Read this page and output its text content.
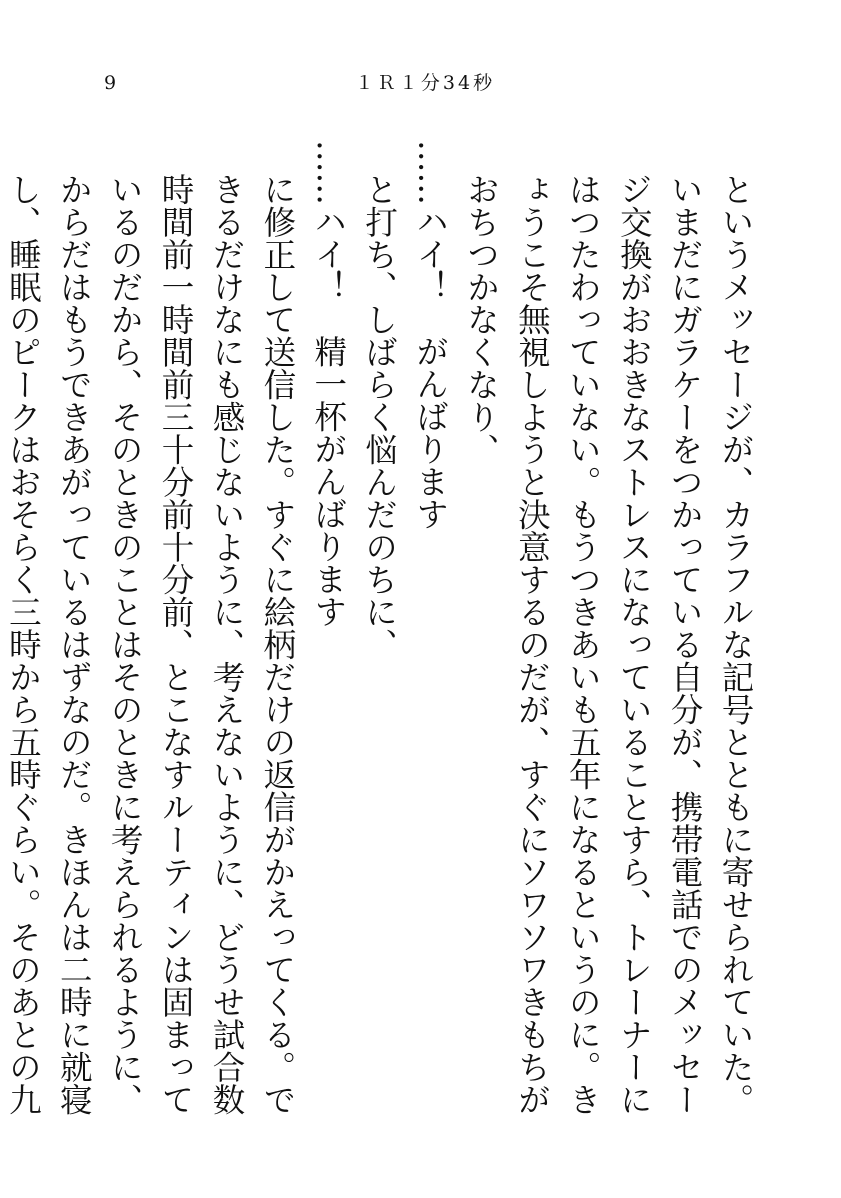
9	１Ｒ１分34秒

というメッセージが、カラフルな記号とともに寄せられていた。いまだにガラケーをつかっている自分が、携帯電話でのメッセージ交換がおおきなストレスになっていることすら、トレーナーにはつたわっていない。もうつきあいも五年になるというのに。きょうこそ無視しようと決意するのだが、すぐにソワソワきもちがおちつかなくなり、

……ハイ！　がんばります

と打ち、しばらく悩んだのちに、

……ハイ！　精一杯がんばります

に修正して送信した。すぐに絵柄だけの返信がかえってくる。できるだけなにも感じないように、考えないように、どうせ試合数時間前一時間前三十分前十分前、とこなすルーティンは固まっているのだから、そのときのことはそのときに考えられるように、からだはもうできあがっているはずなのだ。きほんは二時に就寝し、睡眠のピークはおそらく三時から五時ぐらい。そのあとの九
